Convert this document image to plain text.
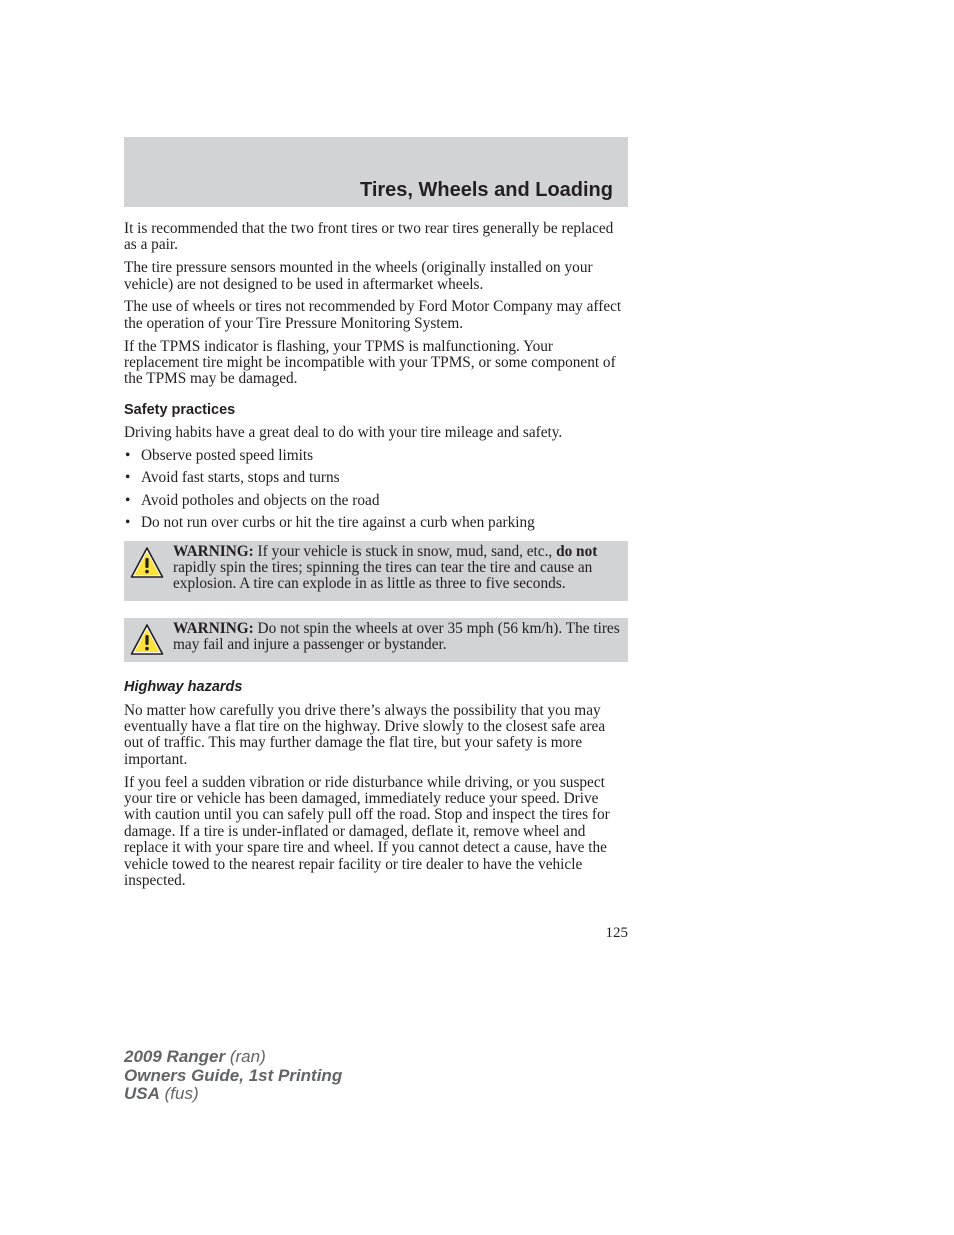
Tires, Wheels and Loading

It is recommended that the two front tires or two rear tires generally be replaced as a pair.

The tire pressure sensors mounted in the wheels (originally installed on your vehicle) are not designed to be used in aftermarket wheels.

The use of wheels or tires not recommended by Ford Motor Company may affect the operation of your Tire Pressure Monitoring System.

If the TPMS indicator is flashing, your TPMS is malfunctioning. Your replacement tire might be incompatible with your TPMS, or some component of the TPMS may be damaged.

Safety practices

Driving habits have a great deal to do with your tire mileage and safety.

• Observe posted speed limits
• Avoid fast starts, stops and turns
• Avoid potholes and objects on the road
• Do not run over curbs or hit the tire against a curb when parking

WARNING: If your vehicle is stuck in snow, mud, sand, etc., do not rapidly spin the tires; spinning the tires can tear the tire and cause an explosion. A tire can explode in as little as three to five seconds.

WARNING: Do not spin the wheels at over 35 mph (56 km/h). The tires may fail and injure a passenger or bystander.

Highway hazards

No matter how carefully you drive there’s always the possibility that you may eventually have a flat tire on the highway. Drive slowly to the closest safe area out of traffic. This may further damage the flat tire, but your safety is more important.

If you feel a sudden vibration or ride disturbance while driving, or you suspect your tire or vehicle has been damaged, immediately reduce your speed. Drive with caution until you can safely pull off the road. Stop and inspect the tires for damage. If a tire is under-inflated or damaged, deflate it, remove wheel and replace it with your spare tire and wheel. If you cannot detect a cause, have the vehicle towed to the nearest repair facility or tire dealer to have the vehicle inspected.

125
2009 Ranger (ran)
Owners Guide, 1st Printing
USA (fus)
